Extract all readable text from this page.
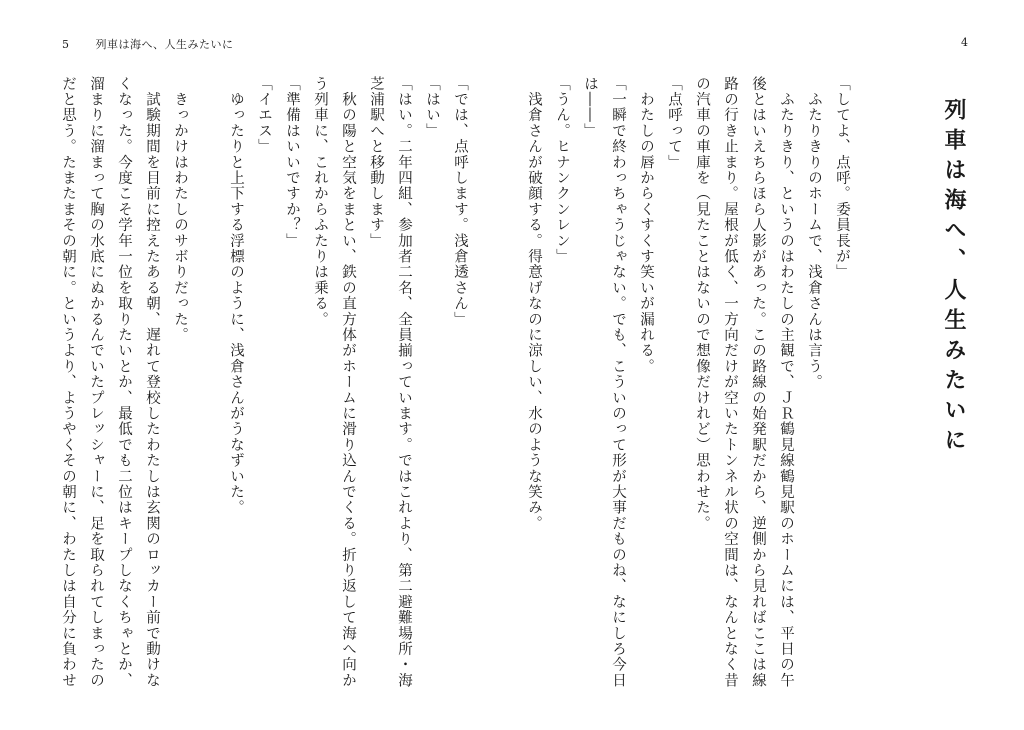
5 列車は海へ、人生みたいに
「では、点呼します。浅倉透さん」
「はい」
「はい。二年四組、参加者二名、全員揃っています。ではこれより、第二避難場所・海
芝浦駅へと移動します」
　秋の陽と空気をまとい、鉄の直方体がホームに滑り込んでくる。折り返して海へ向か
う列車に、これからふたりは乗る。
「準備はいいですか？」
「イエス」
　ゆったりと上下する浮標のように、浅倉さんがうなずいた。
　きっかけはわたしのサボりだった。
　試験期間を目前に控えたある朝、遅れて登校したわたしは玄関のロッカー前で動けな
くなった。今度こそ学年一位を取りたいとか、最低でも二位はキープしなくちゃとか、
溜まりに溜まって胸の水底にぬかるんでいたプレッシャーに、足を取られてしまったの
だと思う。たまたまその朝に。というより、ようやくその朝に、わたしは自分に負わせ
4
列車は海へ、人生みたいに
「してよ、点呼。委員長が」
　ふたりきりのホームで、浅倉さんは言う。
　ふたりきり、というのはわたしの主観で、ＪＲ鶴見線鶴見駅のホームには、平日の午
後とはいえちらほら人影があった。この路線の始発駅だから、逆側から見ればここは線
路の行き止まり。屋根が低く、一方向だけが空いたトンネル状の空間は、なんとなく昔
の汽車の車庫を（見たことはないので想像だけれど）思わせた。
「点呼って」
　わたしの唇からくすくす笑いが漏れる。
「一瞬で終わっちゃうじゃない。でも、こういのって形が大事だものね、なにしろ今日
は――」
「うん。ヒナンクンレン」
　浅倉さんが破顔する。得意げなのに涼しい、水のような笑み。
